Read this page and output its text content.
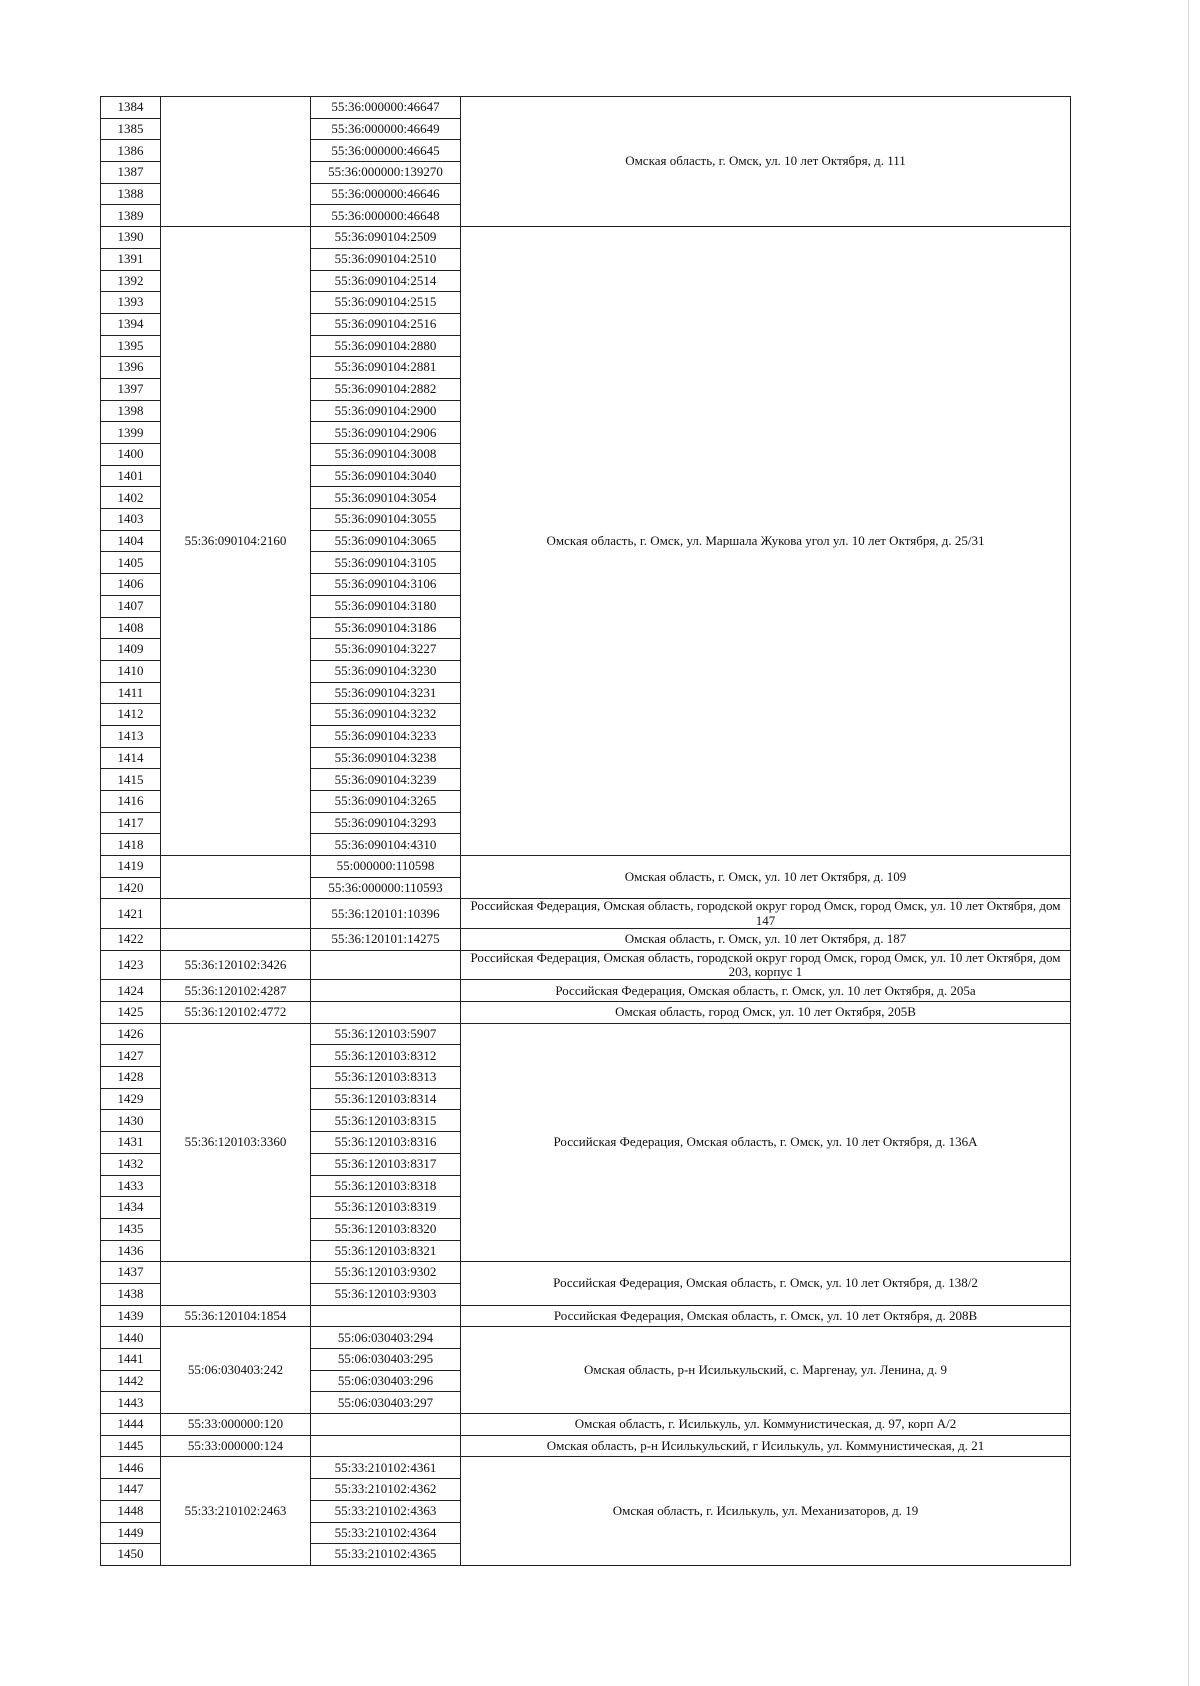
1384		55:36:000000:46647	Омская область, г. Омск, ул. 10 лет Октября, д. 111
1385		55:36:000000:46649	
1386		55:36:000000:46645	
1387		55:36:000000:139270	
1388		55:36:000000:46646	
1389		55:36:000000:46648	
1390	55:36:090104:2160	55:36:090104:2509	Омская область, г. Омск, ул. Маршала Жукова угол ул. 10 лет Октября, д. 25/31
1391		55:36:090104:2510	
1392		55:36:090104:2514	
1393		55:36:090104:2515	
1394		55:36:090104:2516	
1395		55:36:090104:2880	
1396		55:36:090104:2881	
1397		55:36:090104:2882	
1398		55:36:090104:2900	
1399		55:36:090104:2906	
1400		55:36:090104:3008	
1401		55:36:090104:3040	
1402		55:36:090104:3054	
1403		55:36:090104:3055	
1404		55:36:090104:3065	
1405		55:36:090104:3105	
1406		55:36:090104:3106	
1407		55:36:090104:3180	
1408		55:36:090104:3186	
1409		55:36:090104:3227	
1410		55:36:090104:3230	
1411		55:36:090104:3231	
1412		55:36:090104:3232	
1413		55:36:090104:3233	
1414		55:36:090104:3238	
1415		55:36:090104:3239	
1416		55:36:090104:3265	
1417		55:36:090104:3293	
1418		55:36:090104:4310	
1419		55:000000:110598	Омская область, г. Омск, ул. 10 лет Октября, д. 109
1420		55:36:000000:110593	
1421		55:36:120101:10396	Российская Федерация, Омская область, городской округ город Омск, город Омск, ул. 10 лет Октября, дом 147
1422		55:36:120101:14275	Омская область, г. Омск, ул. 10 лет Октября, д. 187
1423	55:36:120102:3426		Российская Федерация, Омская область, городской округ город Омск, город Омск, ул. 10 лет Октября, дом 203, корпус 1
1424	55:36:120102:4287		Российская Федерация, Омская область, г. Омск, ул. 10 лет Октября, д. 205а
1425	55:36:120102:4772		Омская область, город Омск, ул. 10 лет Октября, 205В
1426	55:36:120103:3360	55:36:120103:5907	Российская Федерация, Омская область, г. Омск, ул. 10 лет Октября, д. 136А
1427		55:36:120103:8312	
1428		55:36:120103:8313	
1429		55:36:120103:8314	
1430		55:36:120103:8315	
1431		55:36:120103:8316	
1432		55:36:120103:8317	
1433		55:36:120103:8318	
1434		55:36:120103:8319	
1435		55:36:120103:8320	
1436		55:36:120103:8321	
1437		55:36:120103:9302	Российская Федерация, Омская область, г. Омск, ул. 10 лет Октября, д. 138/2
1438		55:36:120103:9303	
1439	55:36:120104:1854		Российская Федерация, Омская область, г. Омск, ул. 10 лет Октября, д. 208В
1440	55:06:030403:242	55:06:030403:294	Омская область, р-н Исилькульский, с. Маргенау, ул. Ленина, д. 9
1441		55:06:030403:295	
1442		55:06:030403:296	
1443		55:06:030403:297	
1444	55:33:000000:120		Омская область, г. Исилькуль, ул. Коммунистическая, д. 97, корп А/2
1445	55:33:000000:124		Омская область, р-н Исилькульский, г Исилькуль, ул. Коммунистическая, д. 21
1446	55:33:210102:2463	55:33:210102:4361	Омская область, г. Исилькуль, ул. Механизаторов, д. 19
1447		55:33:210102:4362	
1448		55:33:210102:4363	
1449		55:33:210102:4364	
1450		55:33:210102:4365	
